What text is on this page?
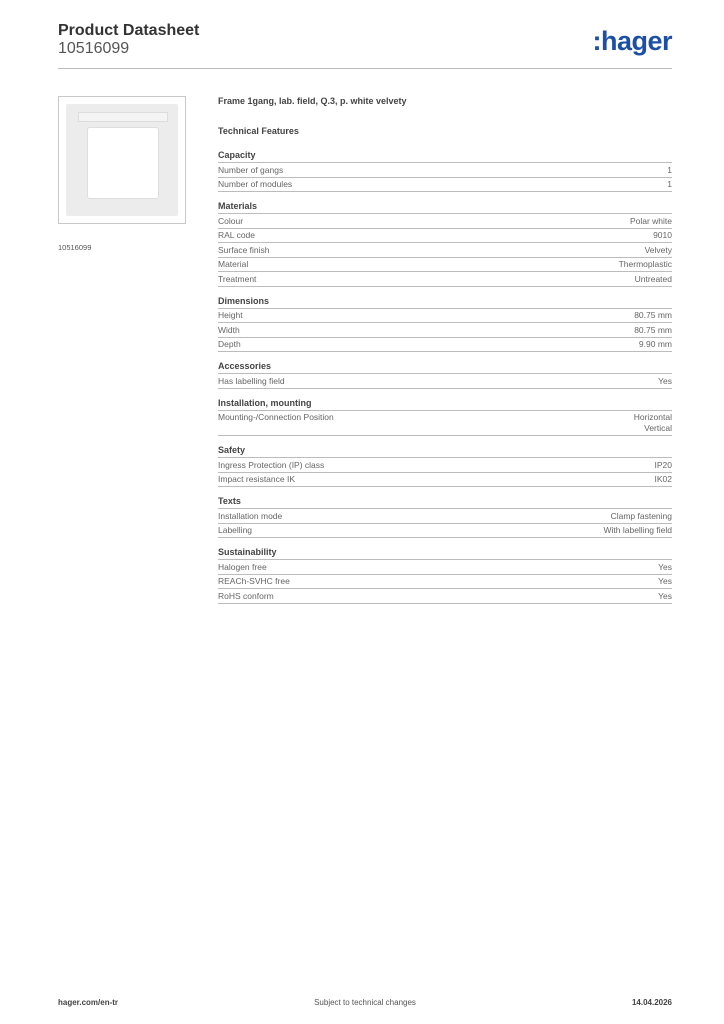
Product Datasheet
10516099	:hager
10516099
Frame 1gang, lab. field, Q.3, p. white velvety
Technical Features
Capacity
Number of gangs	1
Number of modules	1
Materials
Colour	Polar white
RAL code	9010
Surface finish	Velvety
Material	Thermoplastic
Treatment	Untreated
Dimensions
Height	80.75 mm
Width	80.75 mm
Depth	9.90 mm
Accessories
Has labelling field	Yes
Installation, mounting
Mounting-/Connection Position	Horizontal
Vertical
Safety
Ingress Protection (IP) class	IP20
Impact resistance IK	IK02
Texts
Installation mode	Clamp fastening
Labelling	With labelling field
Sustainability
Halogen free	Yes
REACh-SVHC free	Yes
RoHS conform	Yes
Subject to technical changes
hager.com/en-tr	14.04.2026
